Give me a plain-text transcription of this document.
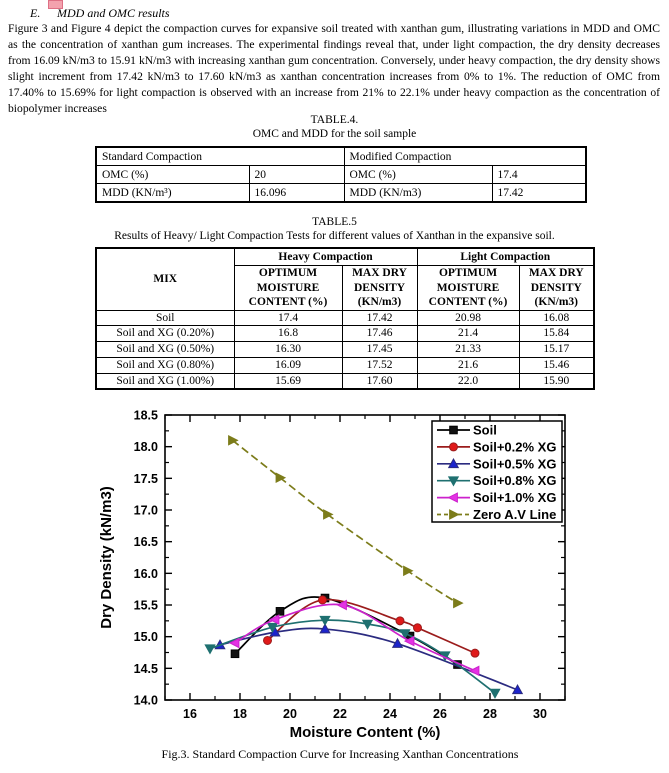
E. MDD and OMC results
Figure 3 and Figure 4 depict the compaction curves for expansive soil treated with xanthan gum, illustrating variations in MDD and OMC as the concentration of xanthan gum increases. The experimental findings reveal that, under light compaction, the dry density decreases from 16.09 kN/m3 to 15.91 kN/m3 with increasing xanthan gum concentration. Conversely, under heavy compaction, the dry density shows slight increment from 17.42 kN/m3 to 17.60 kN/m3 as xanthan concentration increases from 0% to 1%. The reduction of OMC from 17.40% to 15.69% for light compaction is observed with an increase from 21% to 22.1% under heavy compaction as the concentration of biopolymer increases
TABLE.4.
OMC and MDD for the soil sample
Standard Compaction		Modified Compaction	
OMC (%)	20	OMC (%)	17.4
MDD (KN/m³)	16.096	MDD (KN/m3)	17.42
TABLE.5
Results of Heavy/ Light Compaction Tests for different values of Xanthan in the expansive soil.
MIX	Heavy Compaction		Light Compaction	
	OPTIMUM MOISTURE CONTENT (%)	MAX DRY DENSITY (KN/m3)	OPTIMUM MOISTURE CONTENT (%)	MAX DRY DENSITY (KN/m3)
Soil	17.4	17.42	20.98	16.08
Soil and XG (0.20%)	16.8	17.46	21.4	15.84
Soil and XG (0.50%)	16.30	17.45	21.33	15.17
Soil and XG (0.80%)	16.09	17.52	21.6	15.46
Soil and XG (1.00%)	15.69	17.60	22.0	15.90
16	18	20	22	24	26	28	30
14.0
14.5
15.0
15.5
16.0
16.5
17.0
17.5
18.0
18.5
Moisture Content (%)
Dry Density (kN/m3)
Soil
Soil+0.2% XG
Soil+0.5% XG
Soil+0.8% XG
Soil+1.0% XG
Zero A.V Line
Fig.3. Standard Compaction Curve for Increasing Xanthan Concentrations
